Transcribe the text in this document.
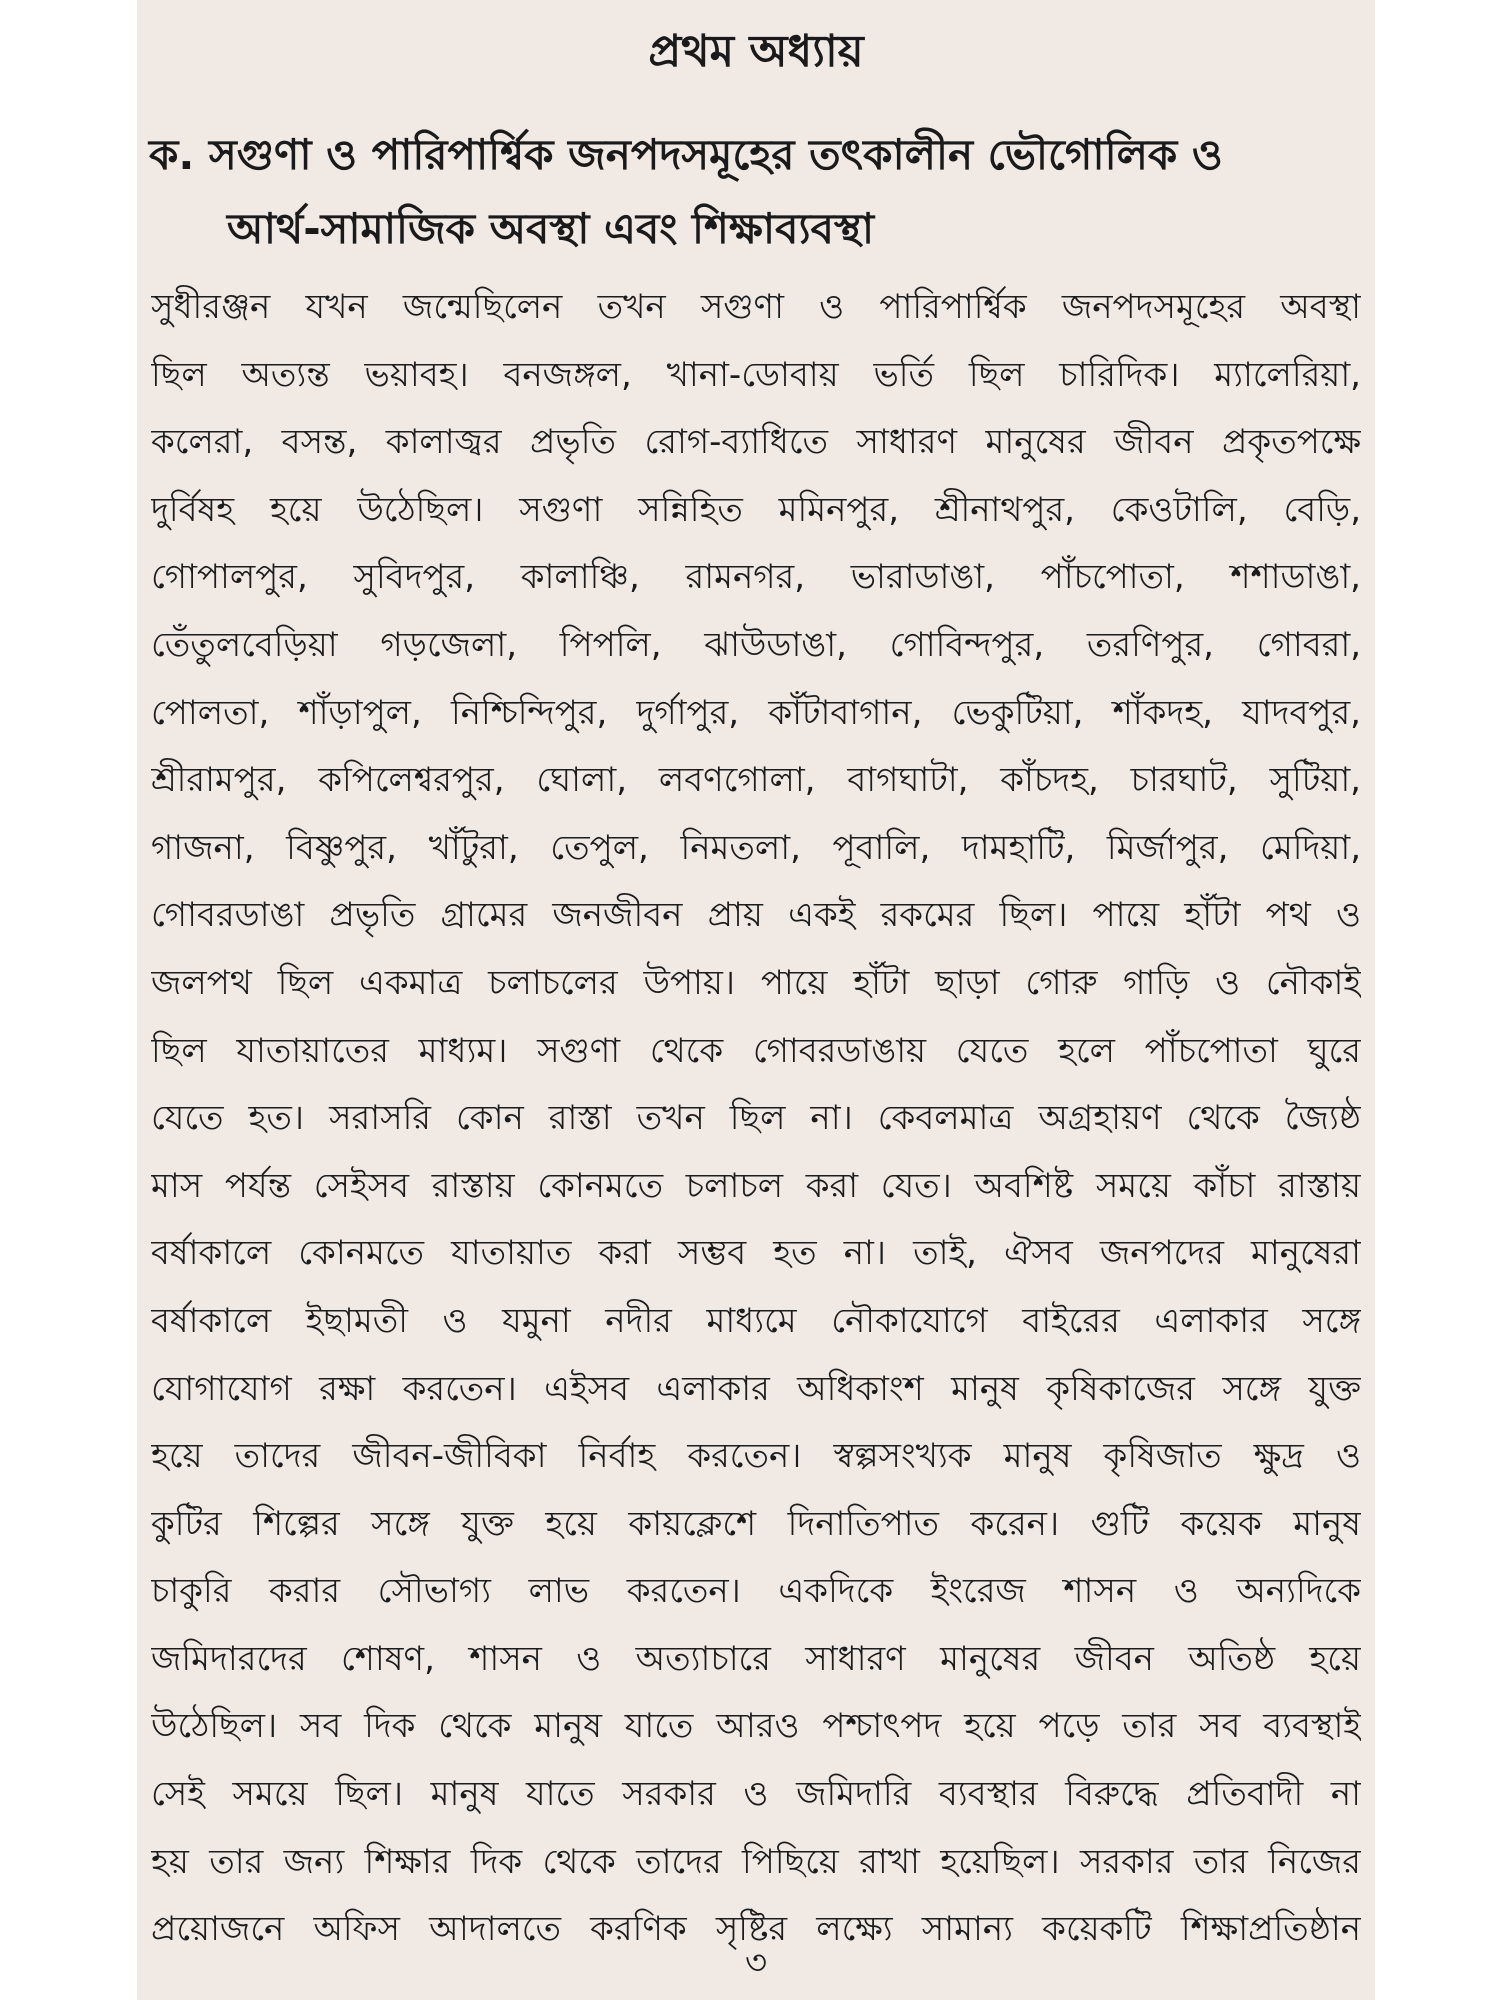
প্রথম অধ্যায়
ক. সগুণা ও পারিপার্শ্বিক জনপদসমূহের তৎকালীন ভৌগোলিক ও
আর্থ-সামাজিক অবস্থা এবং শিক্ষাব্যবস্থা
সুধীরঞ্জন যখন জন্মেছিলেন তখন সগুণা ও পারিপার্শ্বিক জনপদসমূহের অবস্থা
ছিল অত্যন্ত ভয়াবহ। বনজঙ্গল, খানা-ডোবায় ভর্তি ছিল চারিদিক। ম্যালেরিয়া,
কলেরা, বসন্ত, কালাজ্বর প্রভৃতি রোগ-ব্যাধিতে সাধারণ মানুষের জীবন প্রকৃতপক্ষে
দুর্বিষহ হয়ে উঠেছিল। সগুণা সন্নিহিত মমিনপুর, শ্রীনাথপুর, কেওটালি, বেড়ি,
গোপালপুর, সুবিদপুর, কালাঞ্চি, রামনগর, ভারাডাঙা, পাঁচপোতা, শশাডাঙা,
তেঁতুলবেড়িয়া গড়জেলা, পিপলি, ঝাউডাঙা, গোবিন্দপুর, তরণিপুর, গোবরা,
পোলতা, শাঁড়াপুল, নিশ্চিন্দিপুর, দুর্গাপুর, কাঁটাবাগান, ভেকুটিয়া, শাঁকদহ, যাদবপুর,
শ্রীরামপুর, কপিলেশ্বরপুর, ঘোলা, লবণগোলা, বাগঘাটা, কাঁচদহ, চারঘাট, সুটিয়া,
গাজনা, বিষ্ণুপুর, খাঁটুরা, তেপুল, নিমতলা, পূবালি, দামহাটি, মির্জাপুর, মেদিয়া,
গোবরডাঙা প্রভৃতি গ্রামের জনজীবন প্রায় একই রকমের ছিল। পায়ে হাঁটা পথ ও
জলপথ ছিল একমাত্র চলাচলের উপায়। পায়ে হাঁটা ছাড়া গোরু গাড়ি ও নৌকাই
ছিল যাতায়াতের মাধ্যম। সগুণা থেকে গোবরডাঙায় যেতে হলে পাঁচপোতা ঘুরে
যেতে হত। সরাসরি কোন রাস্তা তখন ছিল না। কেবলমাত্র অগ্রহায়ণ থেকে জ্যৈষ্ঠ
মাস পর্যন্ত সেইসব রাস্তায় কোনমতে চলাচল করা যেত। অবশিষ্ট সময়ে কাঁচা রাস্তায়
বর্ষাকালে কোনমতে যাতায়াত করা সম্ভব হত না। তাই, ঐসব জনপদের মানুষেরা
বর্ষাকালে ইছামতী ও যমুনা নদীর মাধ্যমে নৌকাযোগে বাইরের এলাকার সঙ্গে
যোগাযোগ রক্ষা করতেন। এইসব এলাকার অধিকাংশ মানুষ কৃষিকাজের সঙ্গে যুক্ত
হয়ে তাদের জীবন-জীবিকা নির্বাহ করতেন। স্বল্পসংখ্যক মানুষ কৃষিজাত ক্ষুদ্র ও
কুটির শিল্পের সঙ্গে যুক্ত হয়ে কায়ক্লেশে দিনাতিপাত করেন। গুটি কয়েক মানুষ
চাকুরি করার সৌভাগ্য লাভ করতেন। একদিকে ইংরেজ শাসন ও অন্যদিকে
জমিদারদের শোষণ, শাসন ও অত্যাচারে সাধারণ মানুষের জীবন অতিষ্ঠ হয়ে
উঠেছিল। সব দিক থেকে মানুষ যাতে আরও পশ্চাৎপদ হয়ে পড়ে তার সব ব্যবস্থাই
সেই সময়ে ছিল। মানুষ যাতে সরকার ও জমিদারি ব্যবস্থার বিরুদ্ধে প্রতিবাদী না
হয় তার জন্য শিক্ষার দিক থেকে তাদের পিছিয়ে রাখা হয়েছিল। সরকার তার নিজের
প্রয়োজনে অফিস আদালতে করণিক সৃষ্টির লক্ষ্যে সামান্য কয়েকটি শিক্ষাপ্রতিষ্ঠান
৩
